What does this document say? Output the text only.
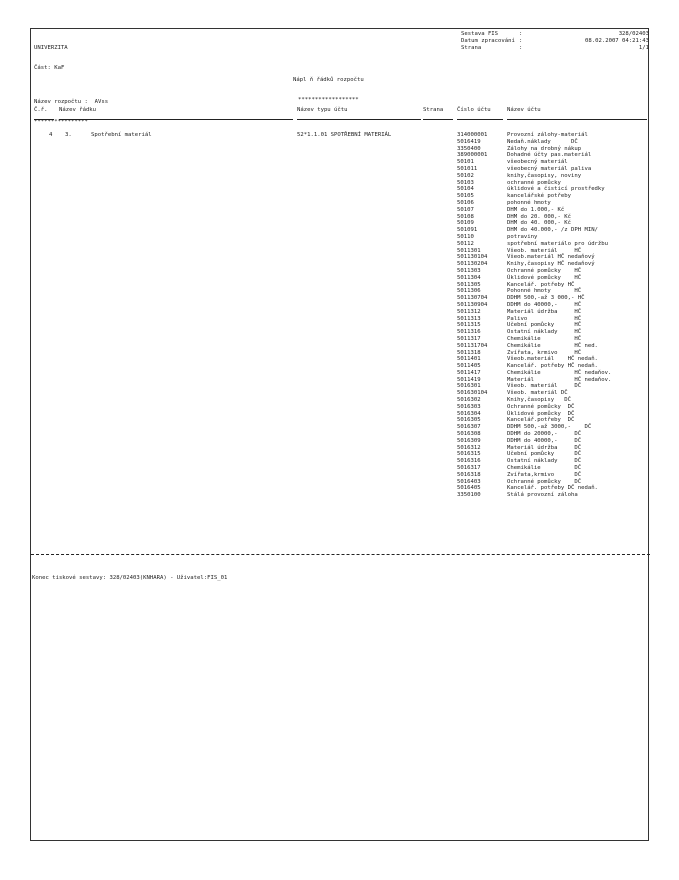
UNIVERZITA

Část: KaF

Sestava FIS	:	328/02403
Datum zpracování :	08.02.2007 04:21:43
Strana	:	1/1

Nápl ň řádků rozpočtu

******************

Název rozpočtu :  AVss

****************

Č.ř. Název řádku	Název typu účtu	Strana Číslo účtu	Název účtu
4 3.	Spotřební materiál	52*1.1.01 SPOTŘEBNÍ MATERIÁL	314000001	Provozní zálohy-materiál
5016419	Nedaň.náklady      DČ
3350400	Zálohy na drobný nákup
389000001	Dohadné účty pas.materiál
50101	všeobecný materiál
501011	všeobecný materiál paliva
50102	knihy,časopisy, noviny
50103	ochranné pomůcky
50104	úklidové a čisticí prostředky
50105	kancelářské potřeby
50106	pohonné hmoty
50107	DHM do 1.000,- Kč
50108	DHM do 20. 000,- Kč
50109	DHM do 40. 000,- Kč
501091	DHM do 40.000,- /z DPH MIN/
50110	potraviny
50112	spotřební materiálo pro údržbu
5011301	Všeob. materiál     HČ
501130104	Všeob.materiál HČ nedaňový
501130204	Knihy,časopisy HČ nedaňový
5011303	Ochranné pomůcky    HČ
5011304	Úklidové pomůcky    HČ
5011305	Kancelář. potřeby HČ
5011306	Pohonné hmoty       HČ
501130704	DDHM 500,-až 3 000,- HČ
501130904	DDHM do 40000,-     HČ
5011312	Materiál údržba     HČ
5011313	Palivo              HČ
5011315	Učební pomůcky      HČ
5011316	Ostatní náklady     HČ
5011317	Chemikálie          HČ
501131704	Chemikálie          HČ ned.
5011318	Zvířata, krmivo     HČ
5011401	Všeob.materiál    HČ nedaň.
5011405	Kancelář. potřeby HČ nedaň.
5011417	Chemikálie          HČ nedaňov.
5011419	Materiál            HČ nedaňov.
5016301	Všeob. materiál     DČ
501630104	Všeob. materiál DČ
5016302	Knihy,časopisy   DČ
5016303	Ochranné pomůcky  DČ
5016304	Úklidové pomůcky  DČ
5016305	Kancelář.potřeby  DČ
5016307	DDHM 500,-až 3000,-    DČ
5016308	DDHM do 20000,-     DČ
5016309	DDHM do 40000,-     DČ
5016312	Materiál údržba     DČ
5016315	Učební pomůcky      DČ
5016316	Ostatní náklady     DČ
5016317	Chemikálie          DČ
5016318	Zvířata,krmivo      DČ
5016403	Ochranné pomůcky    DČ
5016405	Kancelář. potřeby DČ nedaň.
3350100	Stálá provozní záloha
Konec tiskové sestavy: 328/02403(KNHARA) - Uživatel:FIS_01
